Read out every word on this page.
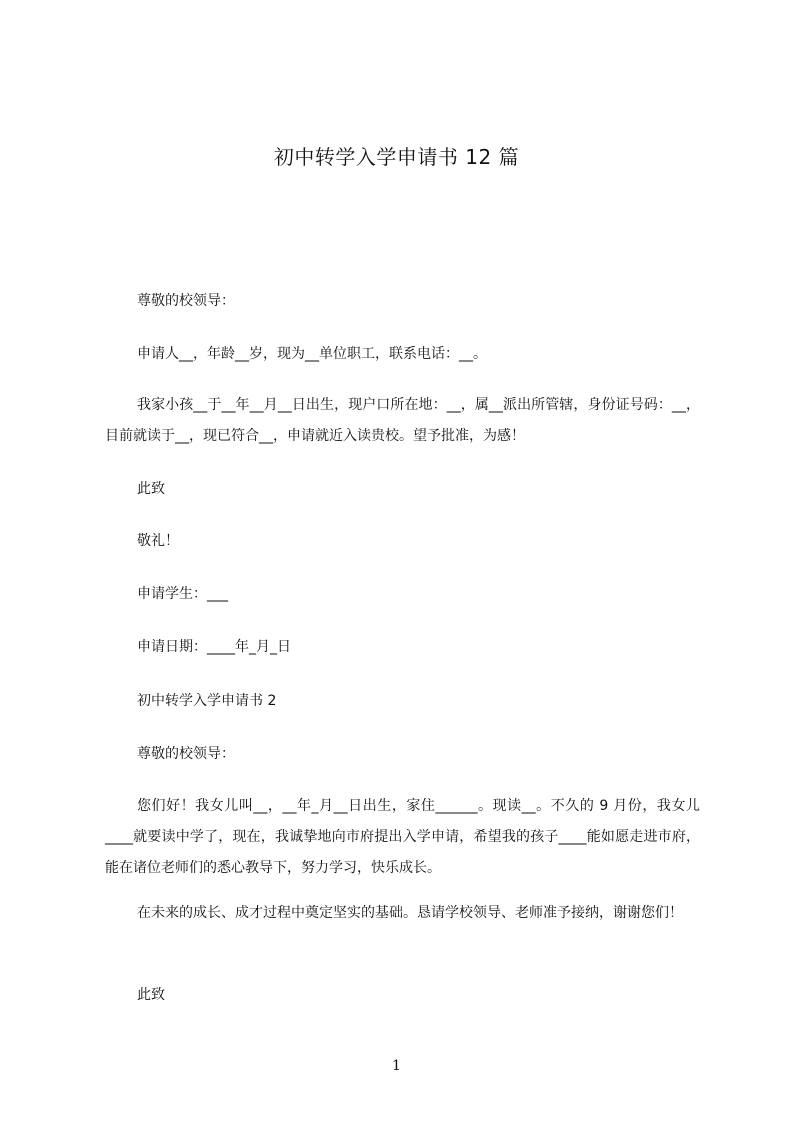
初中转学入学申请书 12 篇
尊敬的校领导：
申请人__，年龄__岁，现为__单位职工，联系电话：__。
我家小孩__于__年__月__日出生，现户口所在地：__，属__派出所管辖，身份证号码：__，目前就读于__，现已符合__，申请就近入读贵校。望予批准，为感！
此致
敬礼！
申请学生：___
申请日期：____年_月_日
初中转学入学申请书 2
尊敬的校领导：
您们好！我女儿叫__，__年_月__日出生，家住______。现读__。不久的 9 月份，我女儿____就要读中学了，现在，我诚挚地向市府提出入学申请，希望我的孩子____能如愿走进市府，能在诸位老师们的悉心教导下，努力学习，快乐成长。
在未来的成长、成才过程中奠定坚实的基础。恳请学校领导、老师准予接纳，谢谢您们！
此致
1
